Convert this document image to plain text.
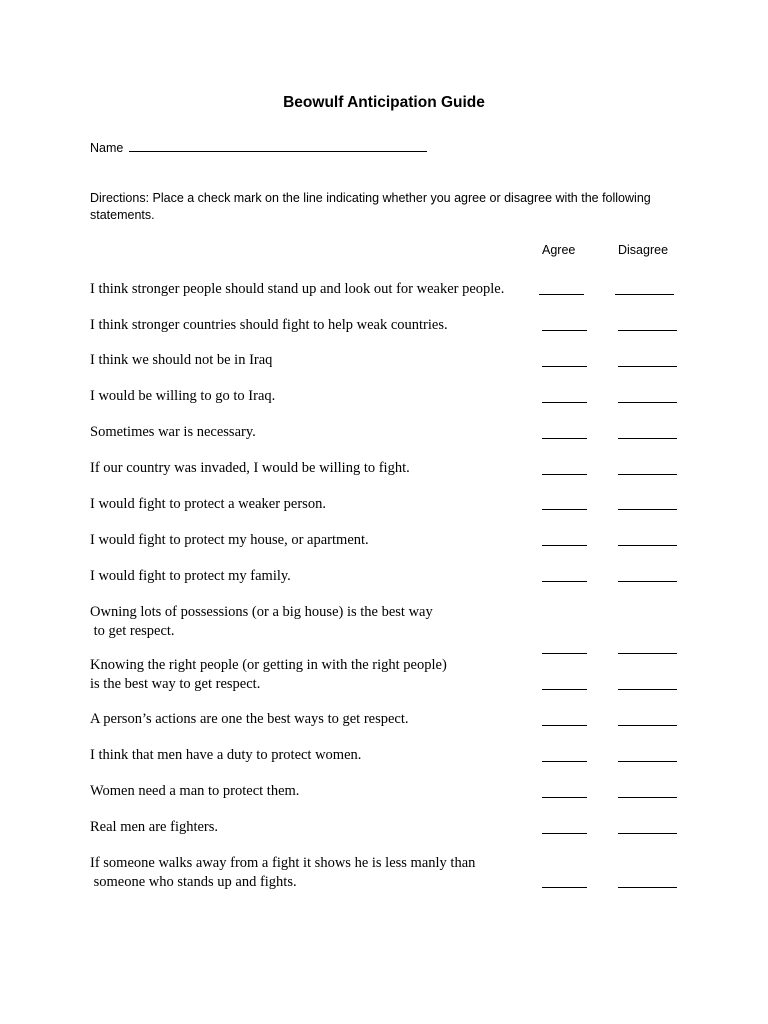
Beowulf Anticipation Guide
Name
Directions: Place a check mark on the line indicating whether you agree or disagree with the following statements.
Agree	Disagree
I think stronger people should stand up and look out for weaker people.
I think stronger countries should fight to help weak countries.
I think we should not be in Iraq
I would be willing to go to Iraq.
Sometimes war is necessary.
If our country was invaded, I would be willing to fight.
I would fight to protect a weaker person.
I would fight to protect my house, or apartment.
I would fight to protect my family.
Owning lots of possessions (or a big house) is the best way
to get respect.
Knowing the right people (or getting in with the right people)
is the best way to get respect.
A person’s actions are one the best ways to get respect.
I think that men have a duty to protect women.
Women need a man to protect them.
Real men are fighters.
If someone walks away from a fight it shows he is less manly than
someone who stands up and fights.
